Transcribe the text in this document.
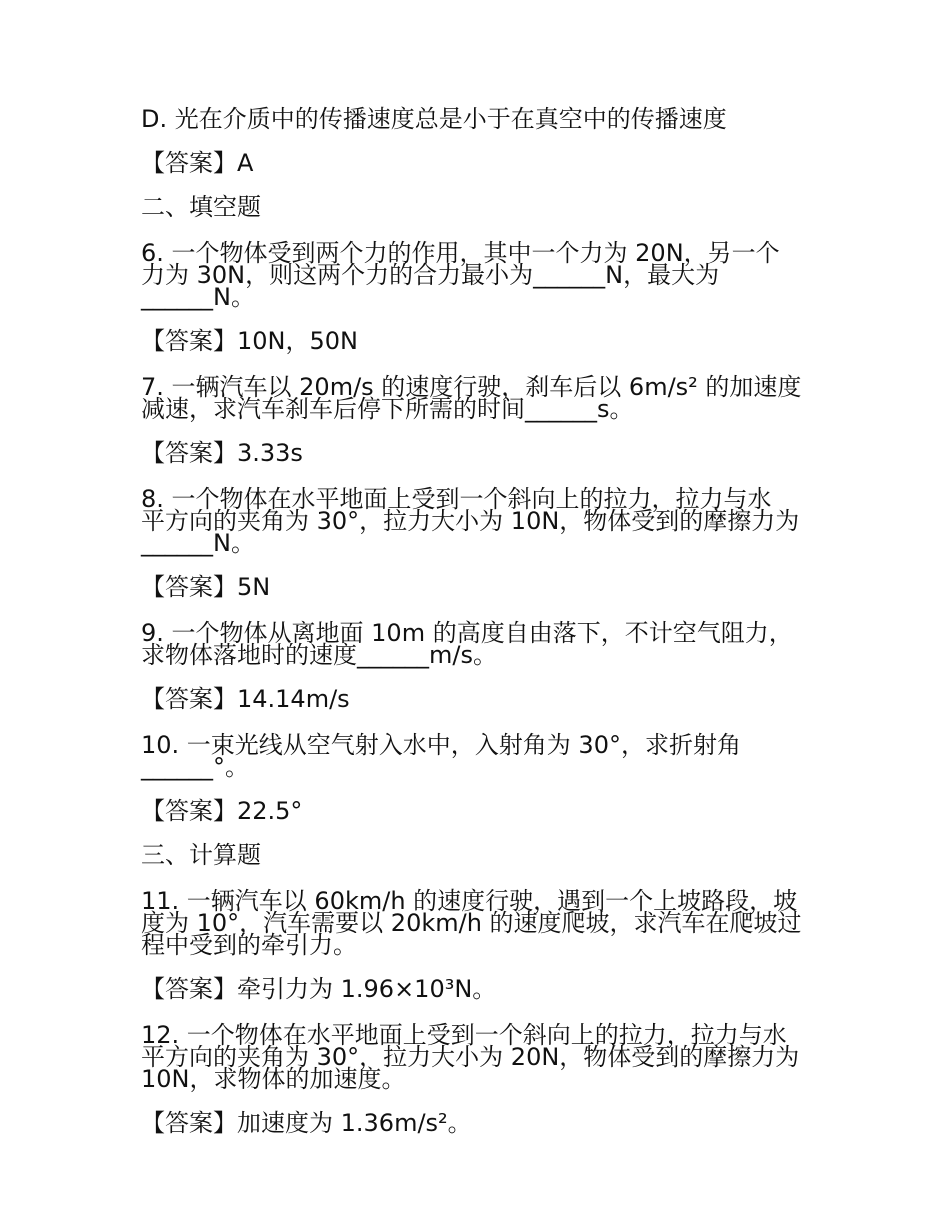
D. 光在介质中的传播速度总是小于在真空中的传播速度

【答案】A

二、填空题

6. 一个物体受到两个力的作用，其中一个力为 20N，另一个
力为 30N，则这两个力的合力最小为______N，最大为
______N。

【答案】10N，50N

7. 一辆汽车以 20m/s 的速度行驶，刹车后以 6m/s² 的加速度
减速，求汽车刹车后停下所需的时间______s。

【答案】3.33s

8. 一个物体在水平地面上受到一个斜向上的拉力，拉力与水
平方向的夹角为 30°，拉力大小为 10N，物体受到的摩擦力为
______N。

【答案】5N

9. 一个物体从离地面 10m 的高度自由落下，不计空气阻力，
求物体落地时的速度______m/s。

【答案】14.14m/s

10. 一束光线从空气射入水中，入射角为 30°，求折射角
______°。

【答案】22.5°

三、计算题

11. 一辆汽车以 60km/h 的速度行驶，遇到一个上坡路段，坡
度为 10°，汽车需要以 20km/h 的速度爬坡，求汽车在爬坡过
程中受到的牵引力。

【答案】牵引力为 1.96×10³N。

12. 一个物体在水平地面上受到一个斜向上的拉力，拉力与水
平方向的夹角为 30°，拉力大小为 20N，物体受到的摩擦力为
10N，求物体的加速度。

【答案】加速度为 1.36m/s²。
